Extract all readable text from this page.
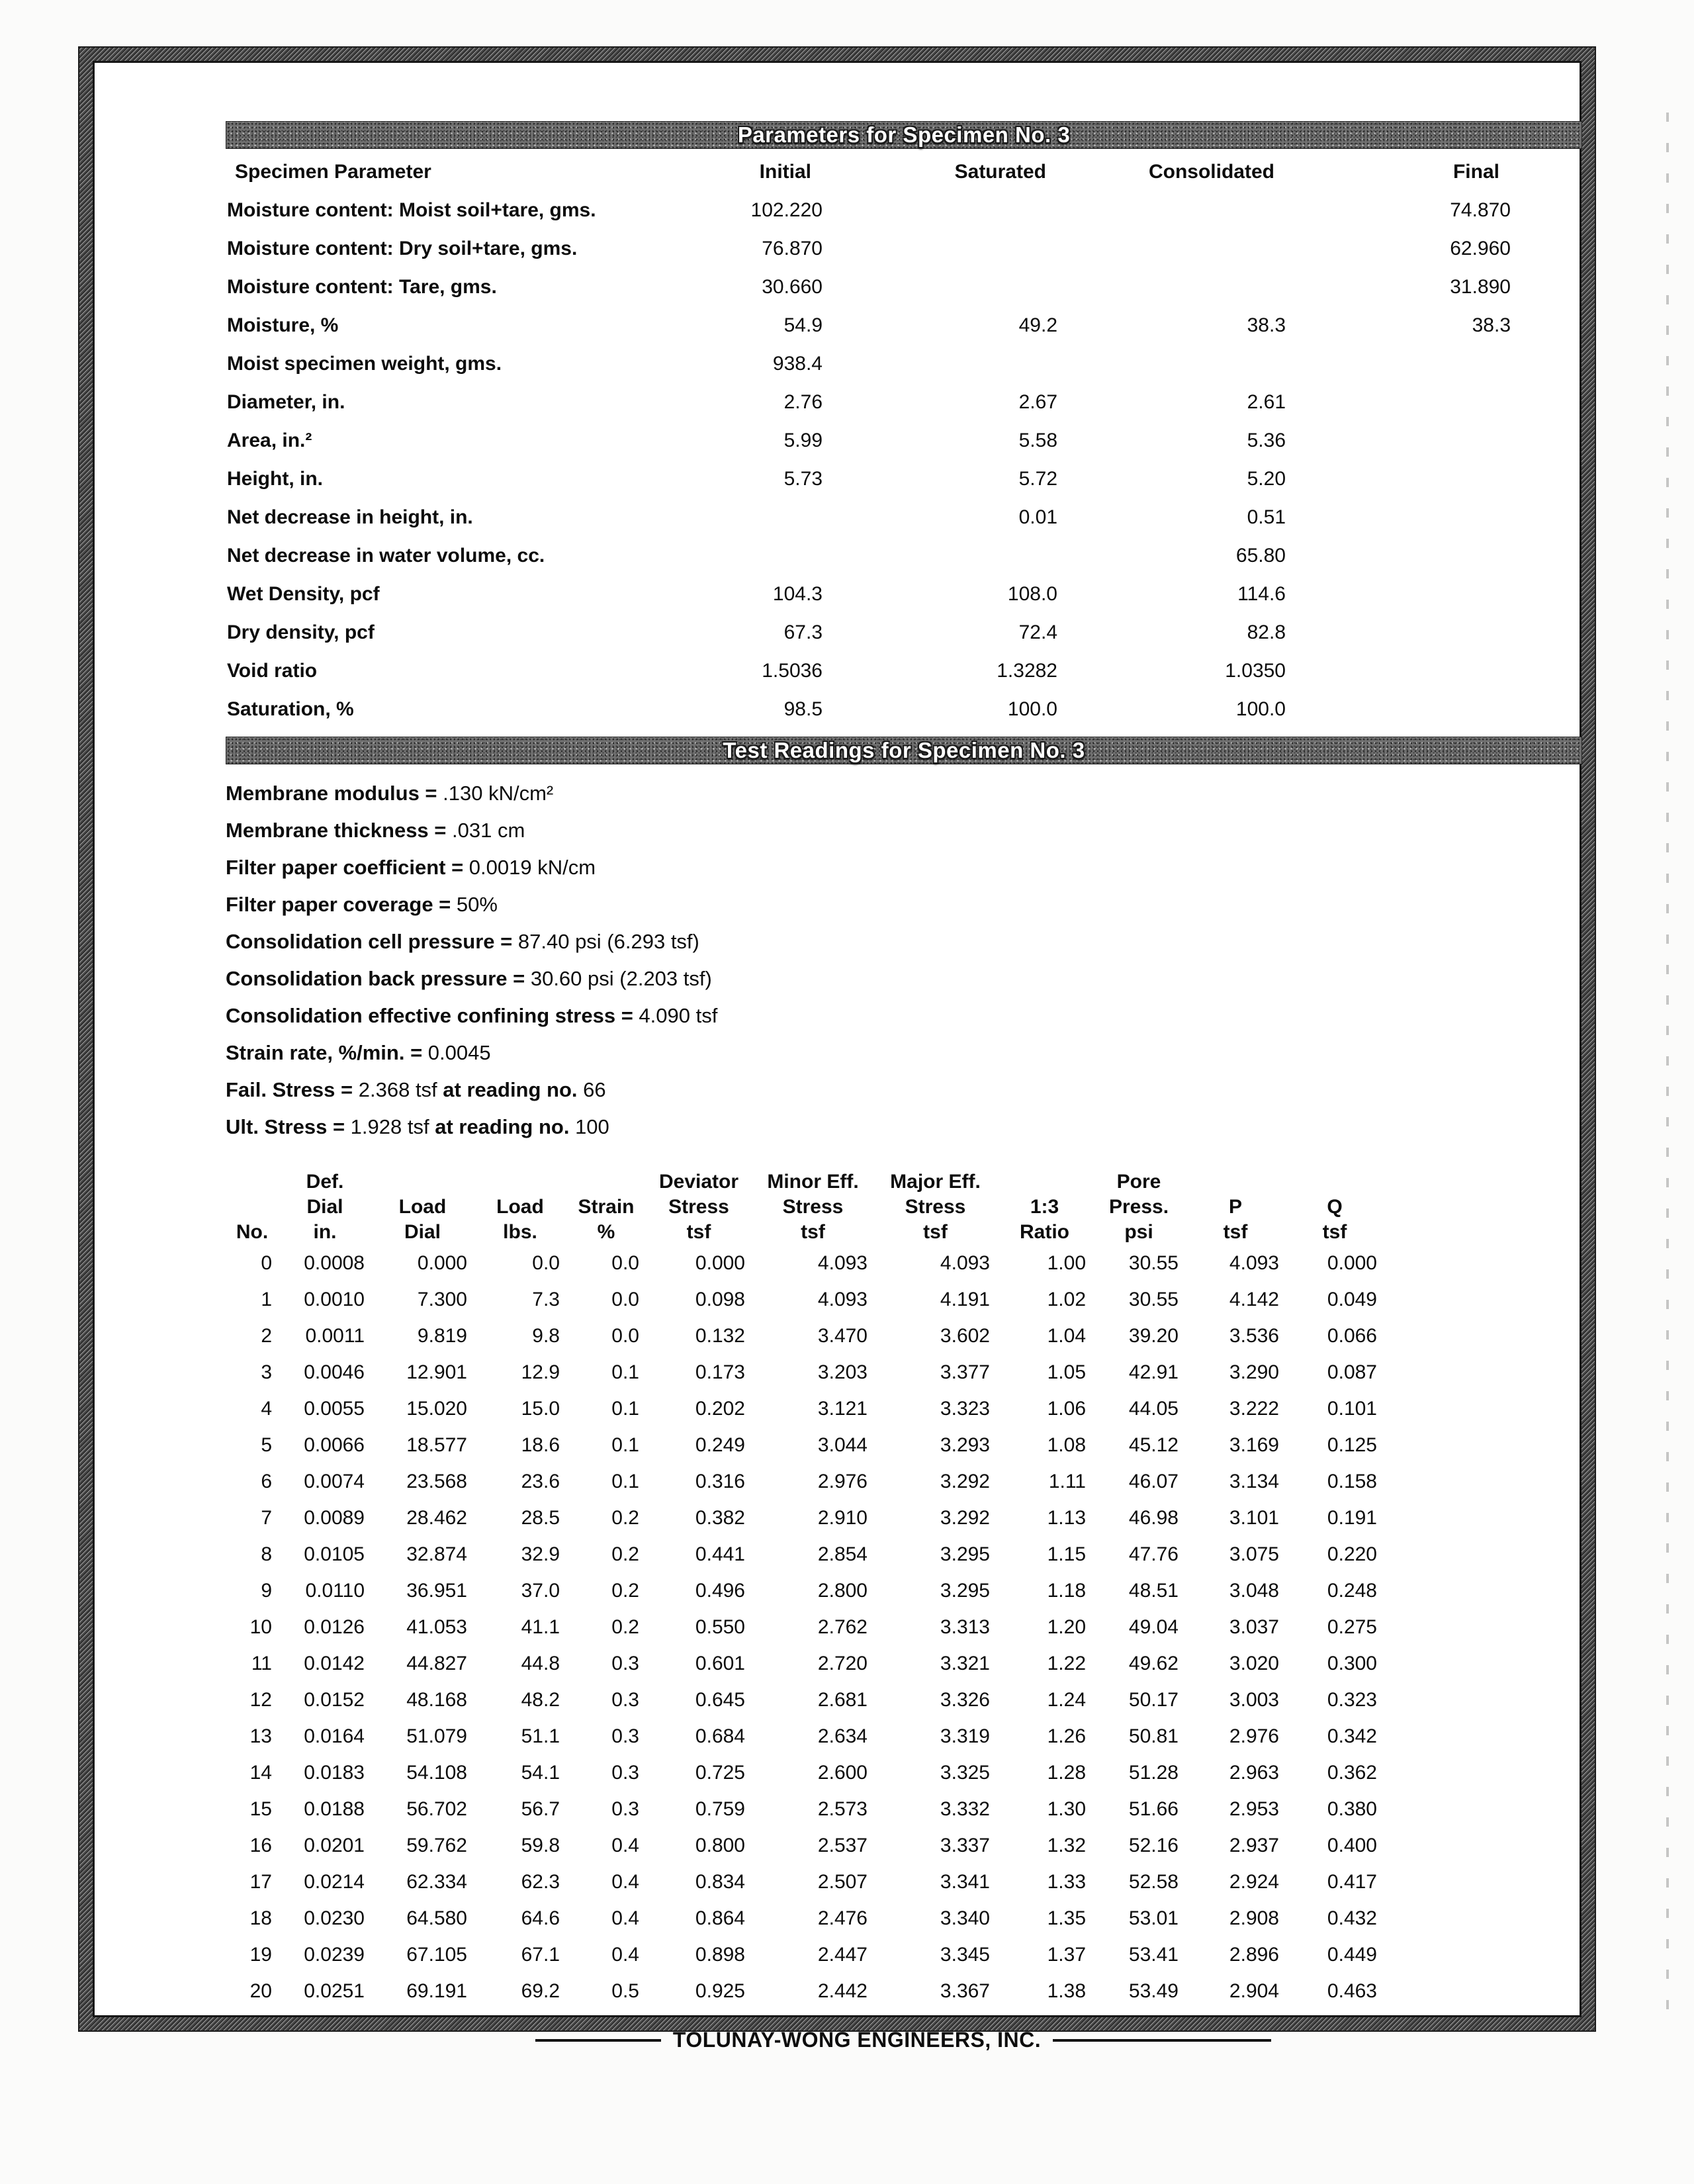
Parameters for Specimen No. 3
Specimen Parameter	Initial	Saturated	Consolidated	Final
Moisture content: Moist soil+tare, gms.	102.220			74.870
Moisture content: Dry soil+tare, gms.	76.870			62.960
Moisture content: Tare, gms.	30.660			31.890
Moisture, %	54.9	49.2	38.3	38.3
Moist specimen weight, gms.	938.4			
Diameter, in.	2.76	2.67	2.61	
Area, in.²	5.99	5.58	5.36	
Height, in.	5.73	5.72	5.20	
Net decrease in height, in.		0.01	0.51	
Net decrease in water volume, cc.			65.80	
Wet Density, pcf	104.3	108.0	114.6	
Dry density, pcf	67.3	72.4	82.8	
Void ratio	1.5036	1.3282	1.0350	
Saturation, %	98.5	100.0	100.0	
Test Readings for Specimen No. 3
Membrane modulus = .130 kN/cm²
Membrane thickness = .031 cm
Filter paper coefficient = 0.0019 kN/cm
Filter paper coverage = 50%
Consolidation cell pressure = 87.40 psi (6.293 tsf)
Consolidation back pressure = 30.60 psi (2.203 tsf)
Consolidation effective confining stress = 4.090 tsf
Strain rate, %/min. = 0.0045
Fail. Stress = 2.368 tsf at reading no. 66
Ult. Stress = 1.928 tsf at reading no. 100
	Def.				Deviator	Minor Eff.	Major Eff.		Pore		
	Dial	Load	Load	Strain	Stress	Stress	Stress	1:3	Press.	P	Q
No.	in.	Dial	lbs.	%	tsf	tsf	tsf	Ratio	psi	tsf	tsf
0	0.0008	0.000	0.0	0.0	0.000	4.093	4.093	1.00	30.55	4.093	0.000
1	0.0010	7.300	7.3	0.0	0.098	4.093	4.191	1.02	30.55	4.142	0.049
2	0.0011	9.819	9.8	0.0	0.132	3.470	3.602	1.04	39.20	3.536	0.066
3	0.0046	12.901	12.9	0.1	0.173	3.203	3.377	1.05	42.91	3.290	0.087
4	0.0055	15.020	15.0	0.1	0.202	3.121	3.323	1.06	44.05	3.222	0.101
5	0.0066	18.577	18.6	0.1	0.249	3.044	3.293	1.08	45.12	3.169	0.125
6	0.0074	23.568	23.6	0.1	0.316	2.976	3.292	1.11	46.07	3.134	0.158
7	0.0089	28.462	28.5	0.2	0.382	2.910	3.292	1.13	46.98	3.101	0.191
8	0.0105	32.874	32.9	0.2	0.441	2.854	3.295	1.15	47.76	3.075	0.220
9	0.0110	36.951	37.0	0.2	0.496	2.800	3.295	1.18	48.51	3.048	0.248
10	0.0126	41.053	41.1	0.2	0.550	2.762	3.313	1.20	49.04	3.037	0.275
11	0.0142	44.827	44.8	0.3	0.601	2.720	3.321	1.22	49.62	3.020	0.300
12	0.0152	48.168	48.2	0.3	0.645	2.681	3.326	1.24	50.17	3.003	0.323
13	0.0164	51.079	51.1	0.3	0.684	2.634	3.319	1.26	50.81	2.976	0.342
14	0.0183	54.108	54.1	0.3	0.725	2.600	3.325	1.28	51.28	2.963	0.362
15	0.0188	56.702	56.7	0.3	0.759	2.573	3.332	1.30	51.66	2.953	0.380
16	0.0201	59.762	59.8	0.4	0.800	2.537	3.337	1.32	52.16	2.937	0.400
17	0.0214	62.334	62.3	0.4	0.834	2.507	3.341	1.33	52.58	2.924	0.417
18	0.0230	64.580	64.6	0.4	0.864	2.476	3.340	1.35	53.01	2.908	0.432
19	0.0239	67.105	67.1	0.4	0.898	2.447	3.345	1.37	53.41	2.896	0.449
20	0.0251	69.191	69.2	0.5	0.925	2.442	3.367	1.38	53.49	2.904	0.463
TOLUNAY-WONG ENGINEERS, INC.
